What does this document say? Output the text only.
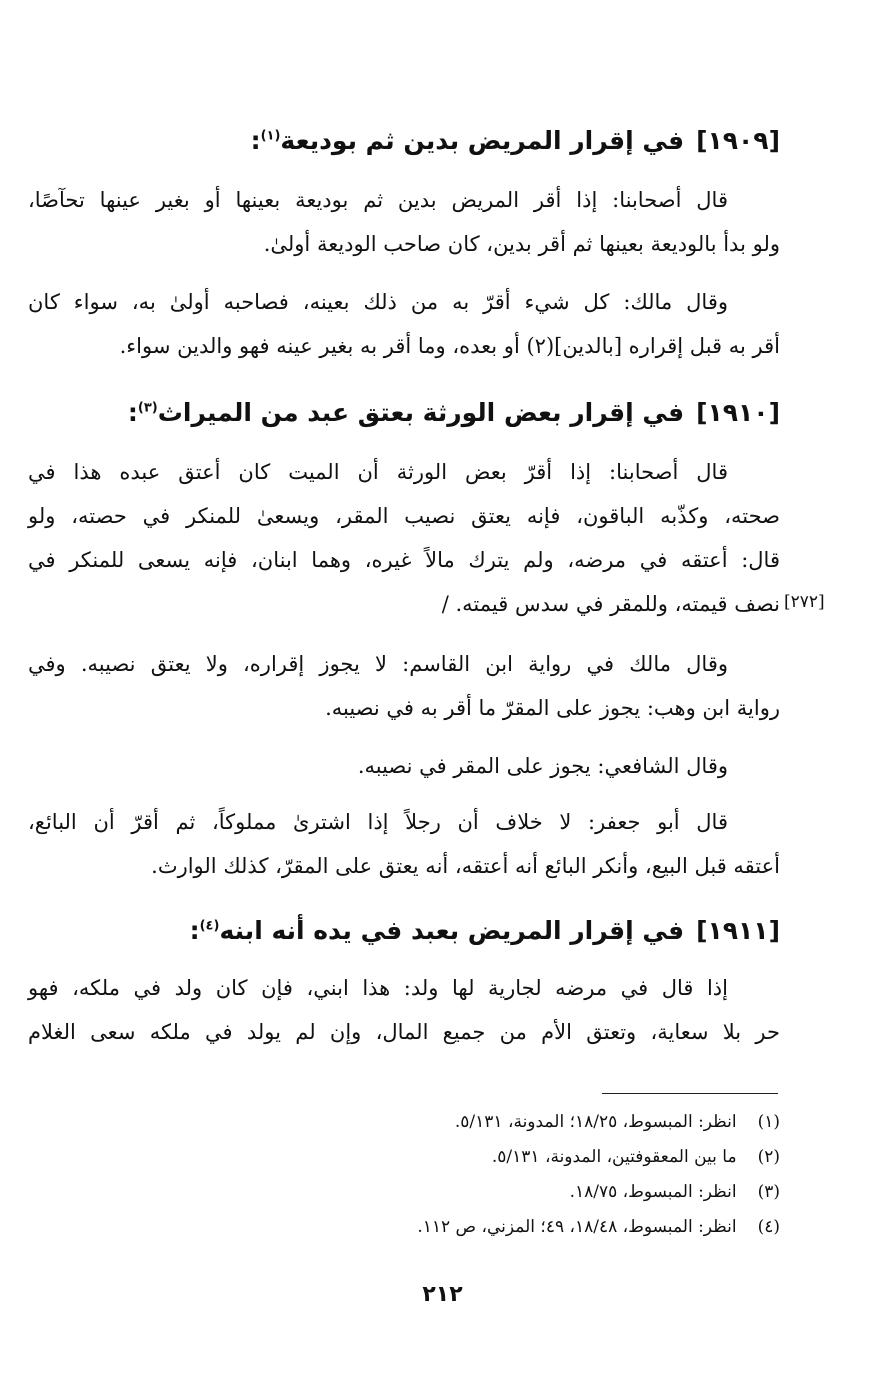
[١٩٠٩]في إقرار المريض بدين ثم بوديعة$^{(١)}$:
قال أصحابنا: إذا أقر المريض بدين ثم بوديعة بعينها أو بغير عينها تحآصًا،
ولو بدأ بالوديعة بعينها ثم أقر بدين، كان صاحب الوديعة أولىٰ.
وقال مالك: كل شيء أقرّ به من ذلك بعينه، فصاحبه أولىٰ به، سواء كان
أقر به قبل إقراره [بالدين](٢) أو بعده، وما أقر به بغير عينه فهو والدين سواء.
[١٩١٠]في إقرار بعض الورثة بعتق عبد من الميراث$^{(٣)}$:
قال أصحابنا: إذا أقرّ بعض الورثة أن الميت كان أعتق عبده هذا في
صحته، وكذّبه الباقون، فإنه يعتق نصيب المقر، ويسعىٰ للمنكر في حصته، ولو
قال: أعتقه في مرضه، ولم يترك مالاً غيره، وهما ابنان، فإنه يسعى للمنكر في
نصف قيمته، وللمقر في سدس قيمته. / [٢٧٢]
وقال مالك في رواية ابن القاسم: لا يجوز إقراره، ولا يعتق نصيبه. وفي
رواية ابن وهب: يجوز على المقرّ ما أقر به في نصيبه.
وقال الشافعي: يجوز على المقر في نصيبه.
قال أبو جعفر: لا خلاف أن رجلاً إذا اشترىٰ مملوكاً، ثم أقرّ أن البائع،
أعتقه قبل البيع، وأنكر البائع أنه أعتقه، أنه يعتق على المقرّ، كذلك الوارث.
[١٩١١]في إقرار المريض بعبد في يده أنه ابنه$^{(٤)}$:
إذا قال في مرضه لجارية لها ولد: هذا ابني، فإن كان ولد في ملكه، فهو
حر بلا سعاية، وتعتق الأم من جميع المال، وإن لم يولد في ملكه سعى الغلام
(١) انظر: المبسوط، ١٨/٢٥؛ المدونة، ٥/١٣١.
(٢) ما بين المعقوفتين، المدونة، ٥/١٣١.
(٣) انظر: المبسوط، ١٨/٧٥.
(٤) انظر: المبسوط، ١٨/٤٨، ٤٩؛ المزني، ص ١١٢.
٢١٢
